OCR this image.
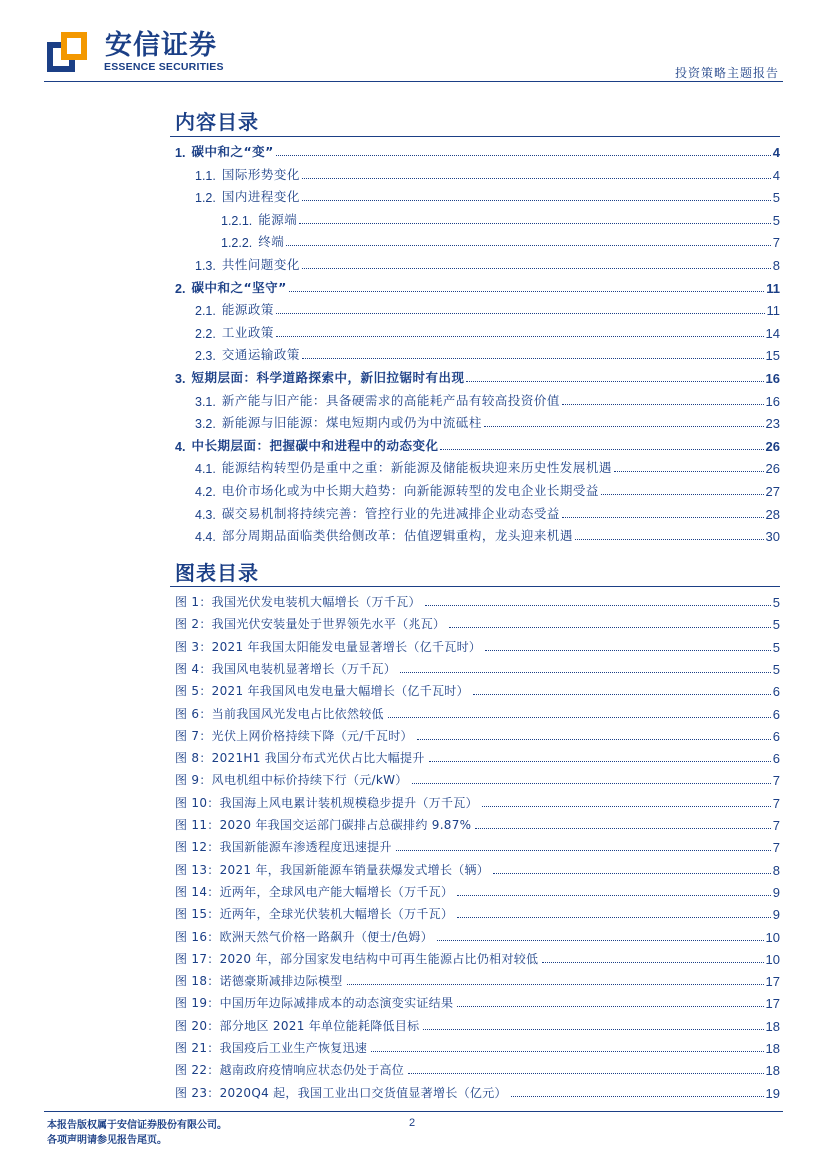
安信证券
ESSENCE SECURITIES	投资策略主题报告
内容目录
1. 碳中和之“变”	4
1.1. 国际形势变化	4
1.2. 国内进程变化	5
1.2.1. 能源端	5
1.2.2. 终端	7
1.3. 共性问题变化	8
2. 碳中和之“坚守”	11
2.1. 能源政策	11
2.2. 工业政策	14
2.3. 交通运输政策	15
3. 短期层面：科学道路探索中，新旧拉锯时有出现	16
3.1. 新产能与旧产能：具备硬需求的高能耗产品有较高投资价值	16
3.2. 新能源与旧能源：煤电短期内或仍为中流砥柱	23
4. 中长期层面：把握碳中和进程中的动态变化	26
4.1. 能源结构转型仍是重中之重：新能源及储能板块迎来历史性发展机遇	26
4.2. 电价市场化或为中长期大趋势：向新能源转型的发电企业长期受益	27
4.3. 碳交易机制将持续完善：管控行业的先进减排企业动态受益	28
4.4. 部分周期品面临类供给侧改革：估值逻辑重构，龙头迎来机遇	30
图表目录
图 1：我国光伏发电装机大幅增长（万千瓦）	5
图 2：我国光伏安装量处于世界领先水平（兆瓦）	5
图 3：2021 年我国太阳能发电量显著增长（亿千瓦时）	5
图 4：我国风电装机显著增长（万千瓦）	5
图 5：2021 年我国风电发电量大幅增长（亿千瓦时）	6
图 6：当前我国风光发电占比依然较低	6
图 7：光伏上网价格持续下降（元/千瓦时）	6
图 8：2021H1 我国分布式光伏占比大幅提升	6
图 9：风电机组中标价持续下行（元/kW）	7
图 10：我国海上风电累计装机规模稳步提升（万千瓦）	7
图 11：2020 年我国交运部门碳排占总碳排约 9.87%	7
图 12：我国新能源车渗透程度迅速提升	7
图 13：2021 年，我国新能源车销量获爆发式增长（辆）	8
图 14：近两年，全球风电产能大幅增长（万千瓦）	9
图 15：近两年，全球光伏装机大幅增长（万千瓦）	9
图 16：欧洲天然气价格一路飙升（便士/色姆）	10
图 17：2020 年，部分国家发电结构中可再生能源占比仍相对较低	10
图 18：诺德豪斯减排边际模型	17
图 19：中国历年边际减排成本的动态演变实证结果	17
图 20：部分地区 2021 年单位能耗降低目标	18
图 21：我国疫后工业生产恢复迅速	18
图 22：越南政府疫情响应状态仍处于高位	18
图 23：2020Q4 起，我国工业出口交货值显著增长（亿元）	19
本报告版权属于安信证券股份有限公司。
各项声明请参见报告尾页。
2
